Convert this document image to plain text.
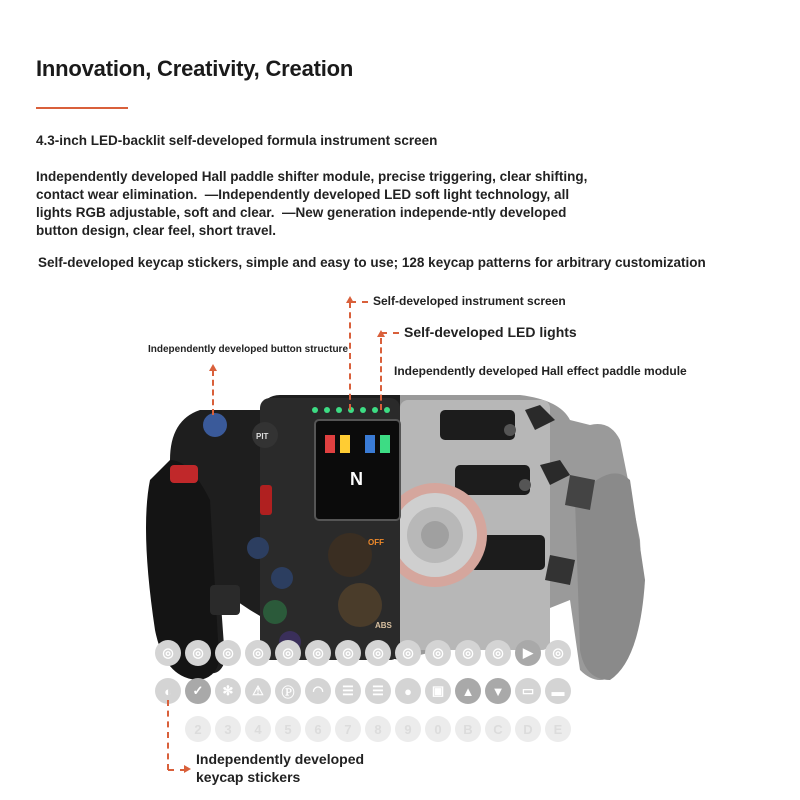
Innovation, Creativity, Creation
4.3-inch LED-backlit self-developed formula instrument screen
Independently developed Hall paddle shifter module, precise triggering, clear shifting, contact wear elimination.  —Independently developed LED soft light technology, all lights RGB adjustable, soft and clear.  —New generation independe-ntly developed button design, clear feel, short travel.
Self-developed keycap stickers, simple and easy to use; 128 keycap patterns for arbitrary customization
N
PIT
OFF
ABS
◎	◎	◎	◎	◎	◎	◎	◎	◎	◎	◎	◎	▶	◎
◐	✓	✻	⚠	Ⓟ	◠	☰	☰	●	▣	▲	▼	▭	▬
2	3	4	5	6	7	8	9	0	B	C	D	E
Self-developed instrument screen
Self-developed LED lights
Independently developed button structure
Independently developed Hall effect paddle module
Independently developed
keycap stickers
